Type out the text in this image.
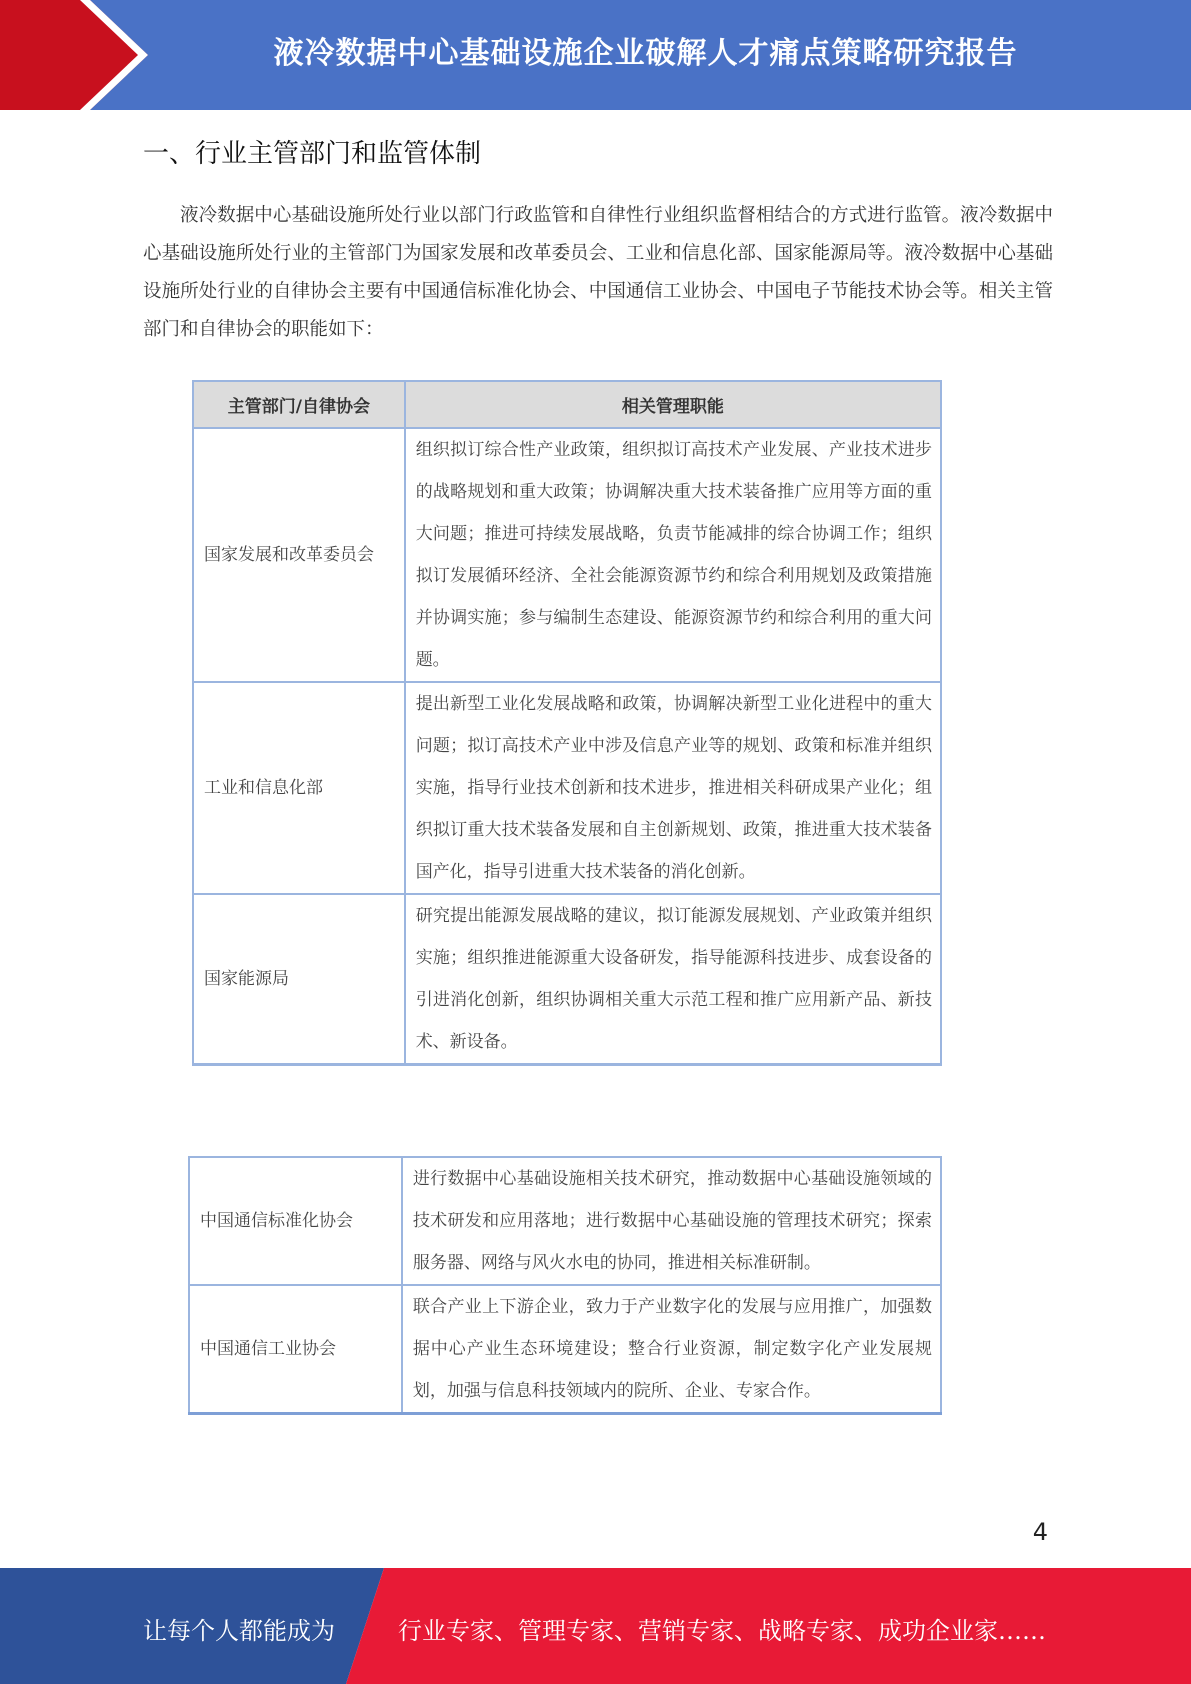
液冷数据中心基础设施企业破解人才痛点策略研究报告
一、行业主管部门和监管体制
液冷数据中心基础设施所处行业以部门行政监管和自律性行业组织监督相结合的方式进行监管。液冷数据中心基础设施所处行业的主管部门为国家发展和改革委员会、工业和信息化部、国家能源局等。液冷数据中心基础设施所处行业的自律协会主要有中国通信标准化协会、中国通信工业协会、中国电子节能技术协会等。相关主管部门和自律协会的职能如下：
主管部门/自律协会	相关管理职能
国家发展和改革委员会	组织拟订综合性产业政策，组织拟订高技术产业发展、产业技术进步的战略规划和重大政策；协调解决重大技术装备推广应用等方面的重大问题；推进可持续发展战略，负责节能减排的综合协调工作；组织拟订发展循环经济、全社会能源资源节约和综合利用规划及政策措施并协调实施；参与编制生态建设、能源资源节约和综合利用的重大问题。
工业和信息化部	提出新型工业化发展战略和政策，协调解决新型工业化进程中的重大问题；拟订高技术产业中涉及信息产业等的规划、政策和标准并组织实施，指导行业技术创新和技术进步，推进相关科研成果产业化；组织拟订重大技术装备发展和自主创新规划、政策，推进重大技术装备国产化，指导引进重大技术装备的消化创新。
国家能源局	研究提出能源发展战略的建议，拟订能源发展规划、产业政策并组织实施；组织推进能源重大设备研发，指导能源科技进步、成套设备的引进消化创新，组织协调相关重大示范工程和推广应用新产品、新技术、新设备。
中国通信标准化协会	进行数据中心基础设施相关技术研究，推动数据中心基础设施领域的技术研发和应用落地；进行数据中心基础设施的管理技术研究；探索服务器、网络与风火水电的协同，推进相关标准研制。
中国通信工业协会	联合产业上下游企业，致力于产业数字化的发展与应用推广，加强数据中心产业生态环境建设；整合行业资源，制定数字化产业发展规划，加强与信息科技领域内的院所、企业、专家合作。
4
让每个人都能成为	行业专家、管理专家、营销专家、战略专家、成功企业家……
